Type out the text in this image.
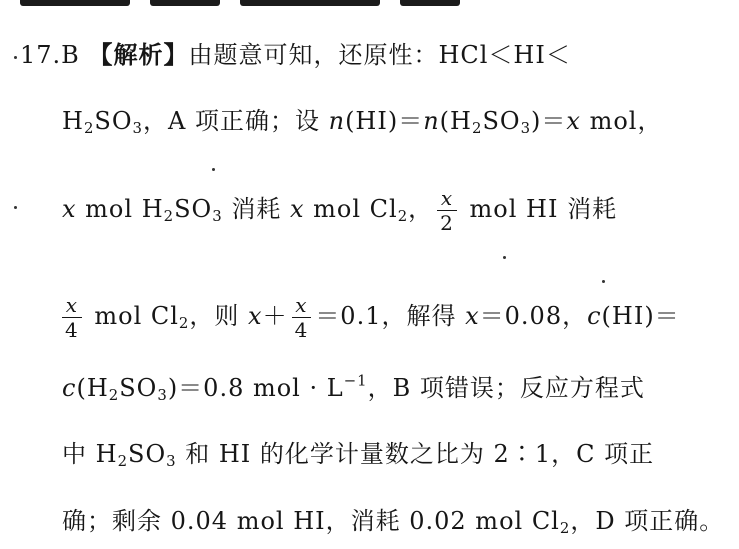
17.B 【解析】由题意可知，还原性：HCl＜HI＜
$H_2SO_3$，A 项正确；设 $n(HI)=n(H_2SO_3)=x$ mol，
x mol $H_2SO_3$ 消耗 x mol $Cl_2$， $\frac{x}{2}$ mol HI 消耗
$\frac{x}{4}$ mol $Cl_2$，则 $x+ \frac{x}{4} =0.1$，解得 x＝0.08，c(HI)＝
$c(H_2SO_3)=0.8$ mol · $L^{-1}$，B 项错误；反应方程式
中 $H_2SO_3$ 和 HI 的化学计量数之比为 2∶1，C 项正
确；剩余 0.04 mol HI，消耗 0.02 mol $Cl_2$，D 项正确。
